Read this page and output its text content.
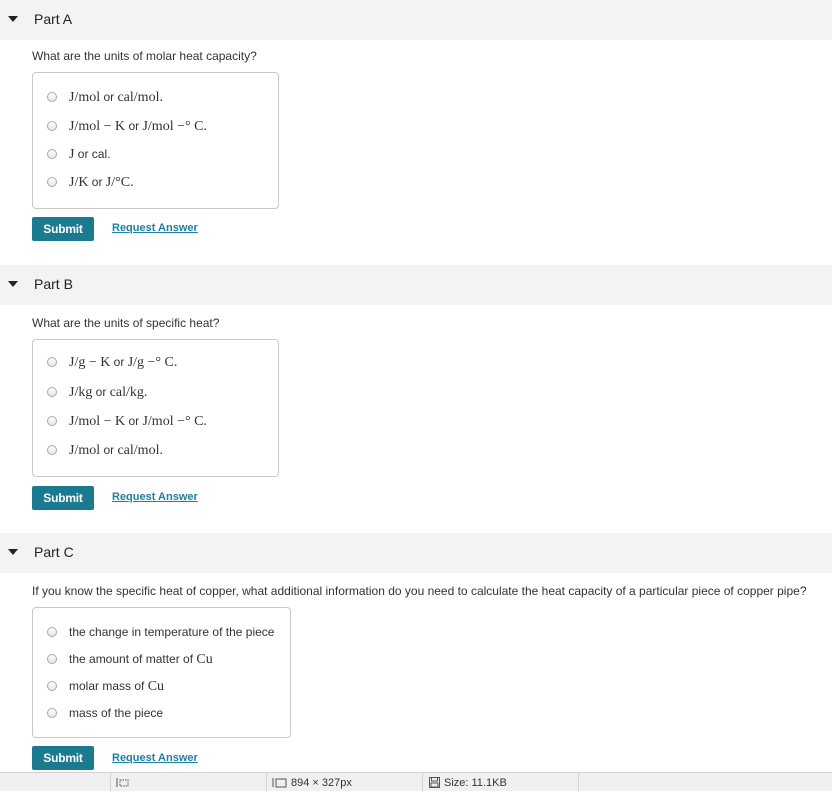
Part A
What are the units of molar heat capacity?
J/mol or cal/mol.
J/mol − K or J/mol −° C.
J or cal.
J/K or J/°C.
Submit	Request Answer
Part B
What are the units of specific heat?
J/g − K or J/g −° C.
J/kg or cal/kg.
J/mol − K or J/mol −° C.
J/mol or cal/mol.
Submit	Request Answer
Part C
If you know the specific heat of copper, what additional information do you need to calculate the heat capacity of a particular piece of copper pipe?
the change in temperature of the piece
the amount of matter of Cu
molar mass of Cu
mass of the piece
Submit	Request Answer
894 × 327px	Size: 11.1KB
